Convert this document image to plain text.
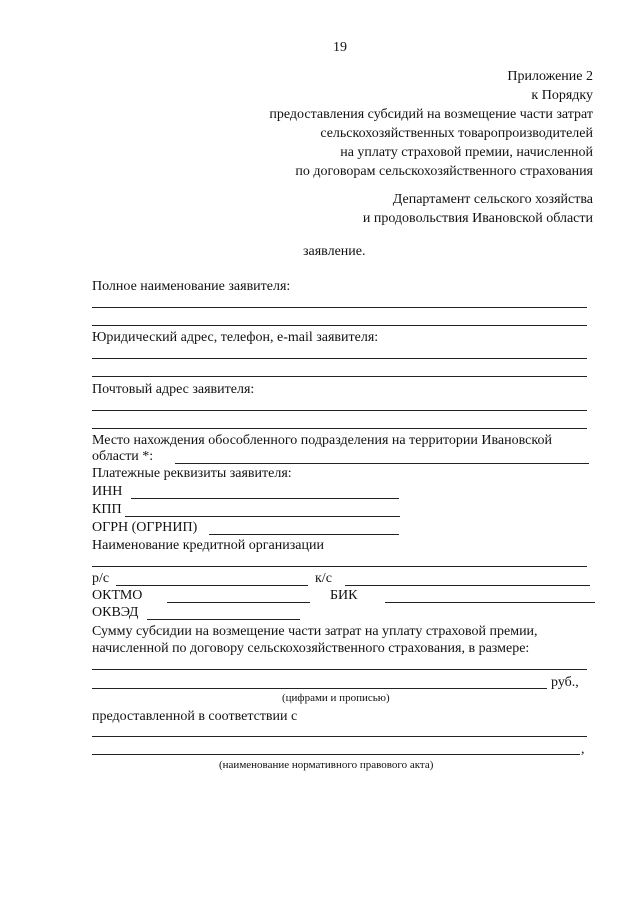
19
Приложение 2
к Порядку
предоставления субсидий на возмещение части затрат
сельскохозяйственных товаропроизводителей
на уплату страховой премии, начисленной
по договорам сельскохозяйственного страхования
Департамент сельского хозяйства
и продовольствия Ивановской области
заявление.
Полное наименование заявителя:
Юридический адрес, телефон, e-mail заявителя:
Почтовый адрес заявителя:
Место нахождения обособленного подразделения на территории Ивановской
области *:
Платежные реквизиты заявителя:
ИНН
КПП
ОГРН (ОГРНИП)
Наименование кредитной организации
р/с	к/с
ОКТМО	БИК
ОКВЭД
Сумму субсидии на возмещение части затрат на уплату страховой премии,
начисленной по договору сельскохозяйственного страхования, в размере:
руб.,
(цифрами и прописью)
предоставленной в соответствии с
,
(наименование нормативного правового акта)
